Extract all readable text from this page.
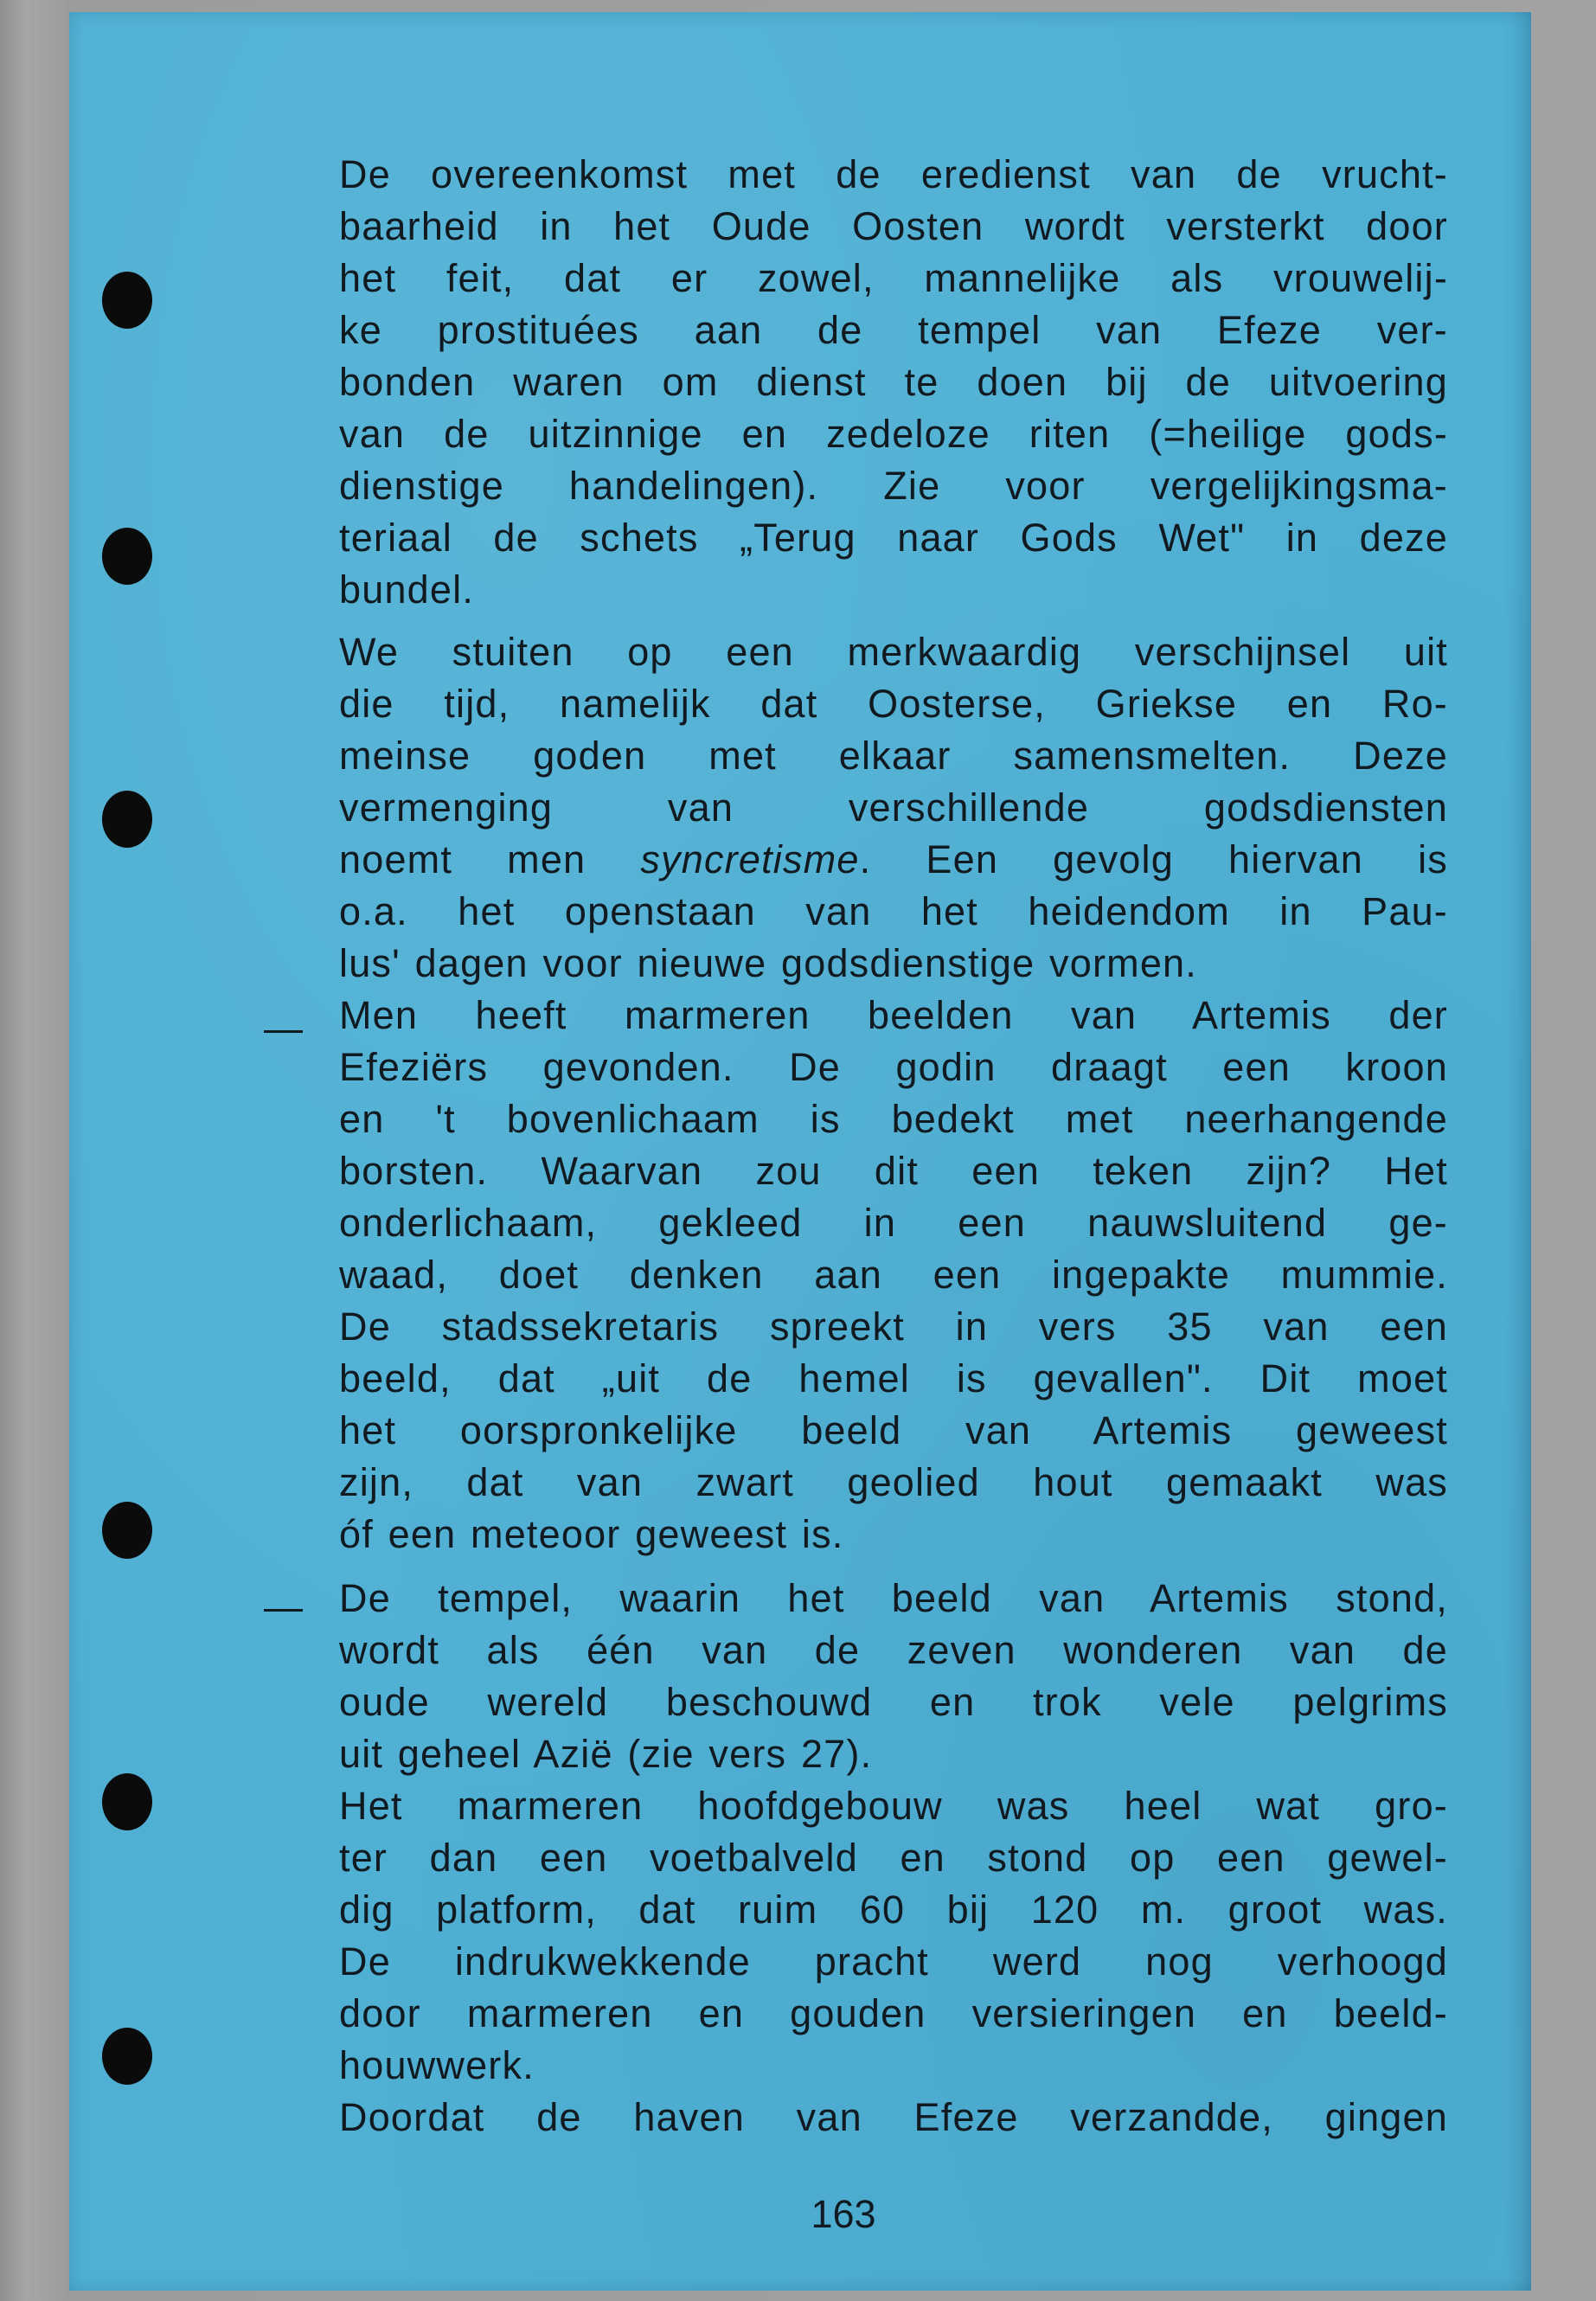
—
—
De overeenkomst met de eredienst van de vrucht-
baarheid in het Oude Oosten wordt versterkt door
het feit, dat er zowel, mannelijke als vrouwelij-
ke prostituées aan de tempel van Efeze ver-
bonden waren om dienst te doen bij de uitvoering
van de uitzinnige en zedeloze riten (=heilige gods-
dienstige handelingen). Zie voor vergelijkingsma-
teriaal de schets „Terug naar Gods Wet" in deze
bundel.
We stuiten op een merkwaardig verschijnsel uit
die tijd, namelijk dat Oosterse, Griekse en Ro-
meinse goden met elkaar samensmelten. Deze
vermenging van verschillende godsdiensten
noemt men syncretisme. Een gevolg hiervan is
o.a. het openstaan van het heidendom in Pau-
lus' dagen voor nieuwe godsdienstige vormen.
Men heeft marmeren beelden van Artemis der
Efeziërs gevonden. De godin draagt een kroon
en 't bovenlichaam is bedekt met neerhangende
borsten. Waarvan zou dit een teken zijn? Het
onderlichaam, gekleed in een nauwsluitend ge-
waad, doet denken aan een ingepakte mummie.
De stadssekretaris spreekt in vers 35 van een
beeld, dat „uit de hemel is gevallen". Dit moet
het oorspronkelijke beeld van Artemis geweest
zijn, dat van zwart geolied hout gemaakt was
óf een meteoor geweest is.
De tempel, waarin het beeld van Artemis stond,
wordt als één van de zeven wonderen van de
oude wereld beschouwd en trok vele pelgrims
uit geheel Azië (zie vers 27).
Het marmeren hoofdgebouw was heel wat gro-
ter dan een voetbalveld en stond op een gewel-
dig platform, dat ruim 60 bij 120 m. groot was.
De indrukwekkende pracht werd nog verhoogd
door marmeren en gouden versieringen en beeld-
houwwerk.
Doordat de haven van Efeze verzandde, gingen
163
